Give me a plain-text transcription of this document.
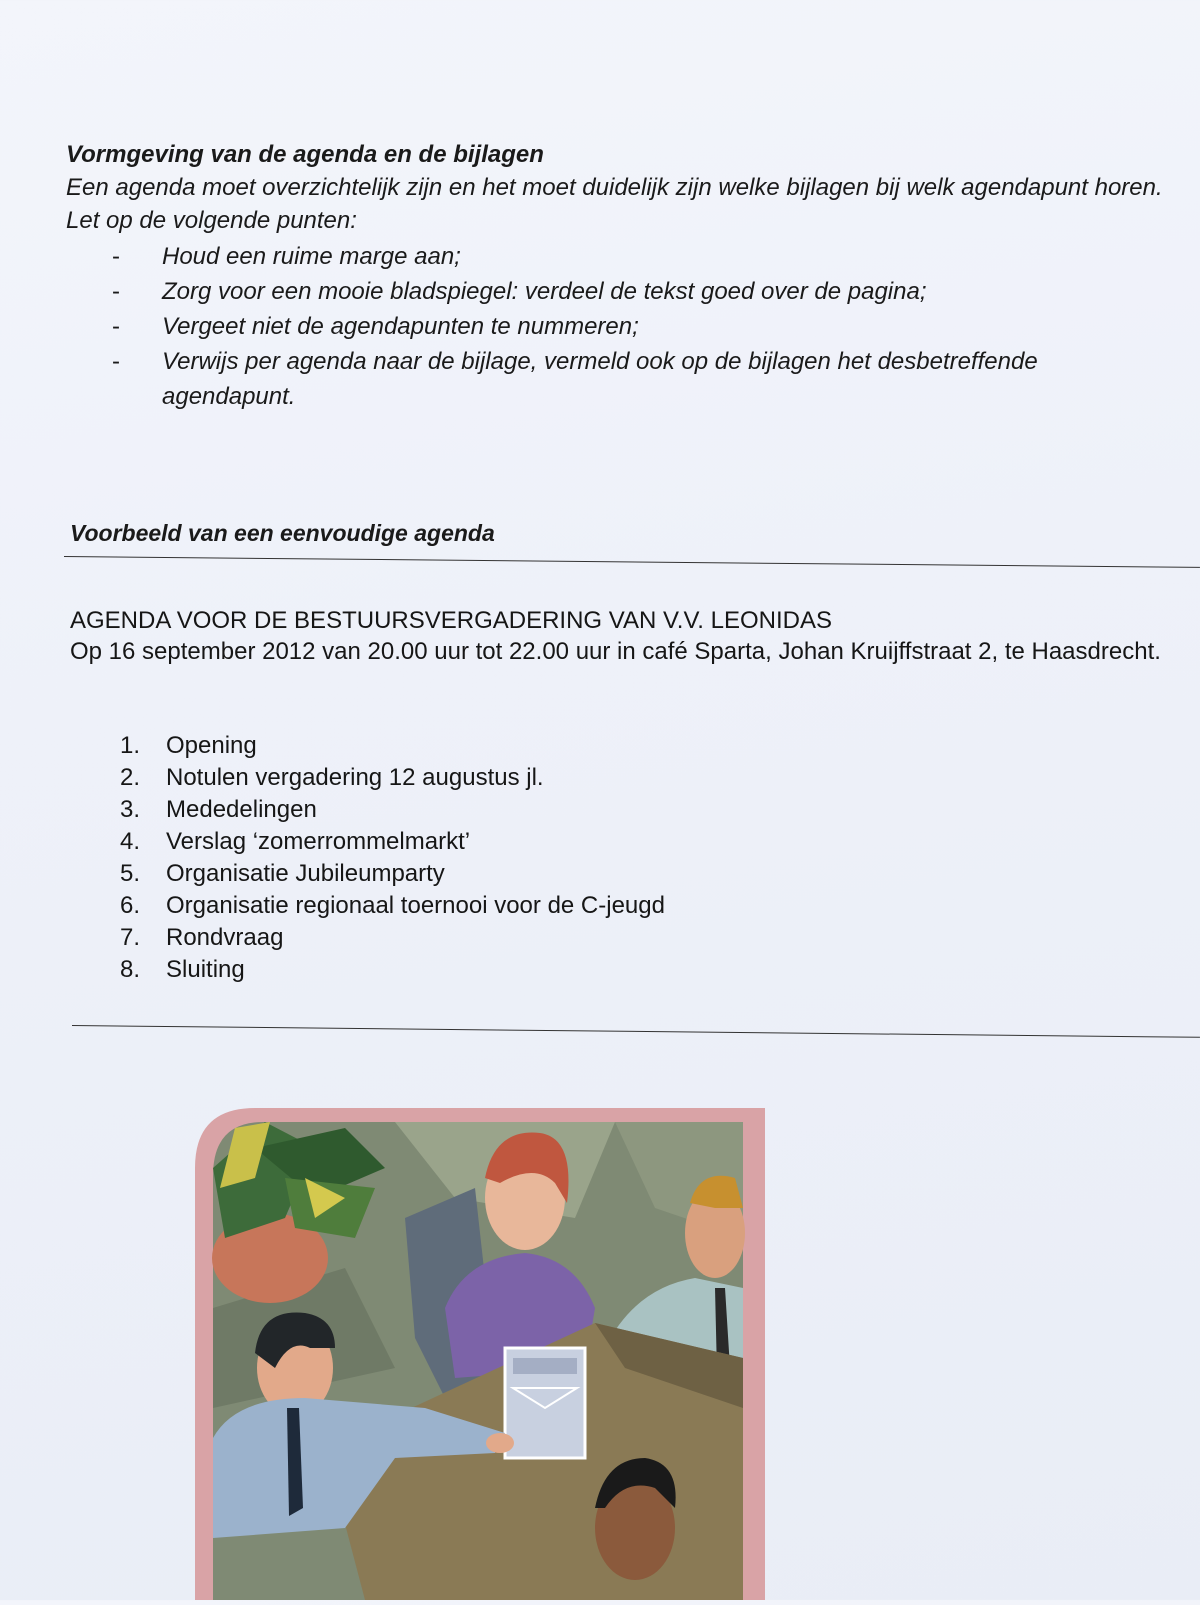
Vormgeving van de agenda en de bijlagen

Een agenda moet overzichtelijk zijn en het moet duidelijk zijn welke bijlagen bij welk agendapunt horen. Let op de volgende punten:

- Houd een ruime marge aan;
- Zorg voor een mooie bladspiegel: verdeel de tekst goed over de pagina;
- Vergeet niet de agendapunten te nummeren;
- Verwijs per agenda naar de bijlage, vermeld ook op de bijlagen het desbetreffende agendapunt.

Voorbeeld van een eenvoudige agenda

AGENDA VOOR DE BESTUURSVERGADERING VAN V.V. LEONIDAS

Op 16 september 2012 van 20.00 uur tot 22.00 uur in café Sparta, Johan Kruijffstraat 2, te Haasdrecht.

1. Opening
2. Notulen vergadering 12 augustus jl.
3. Mededelingen
4. Verslag ‘zomerrommelmarkt’
5. Organisatie Jubileumparty
6. Organisatie regionaal toernooi voor de C-jeugd
7. Rondvraag
8. Sluiting
